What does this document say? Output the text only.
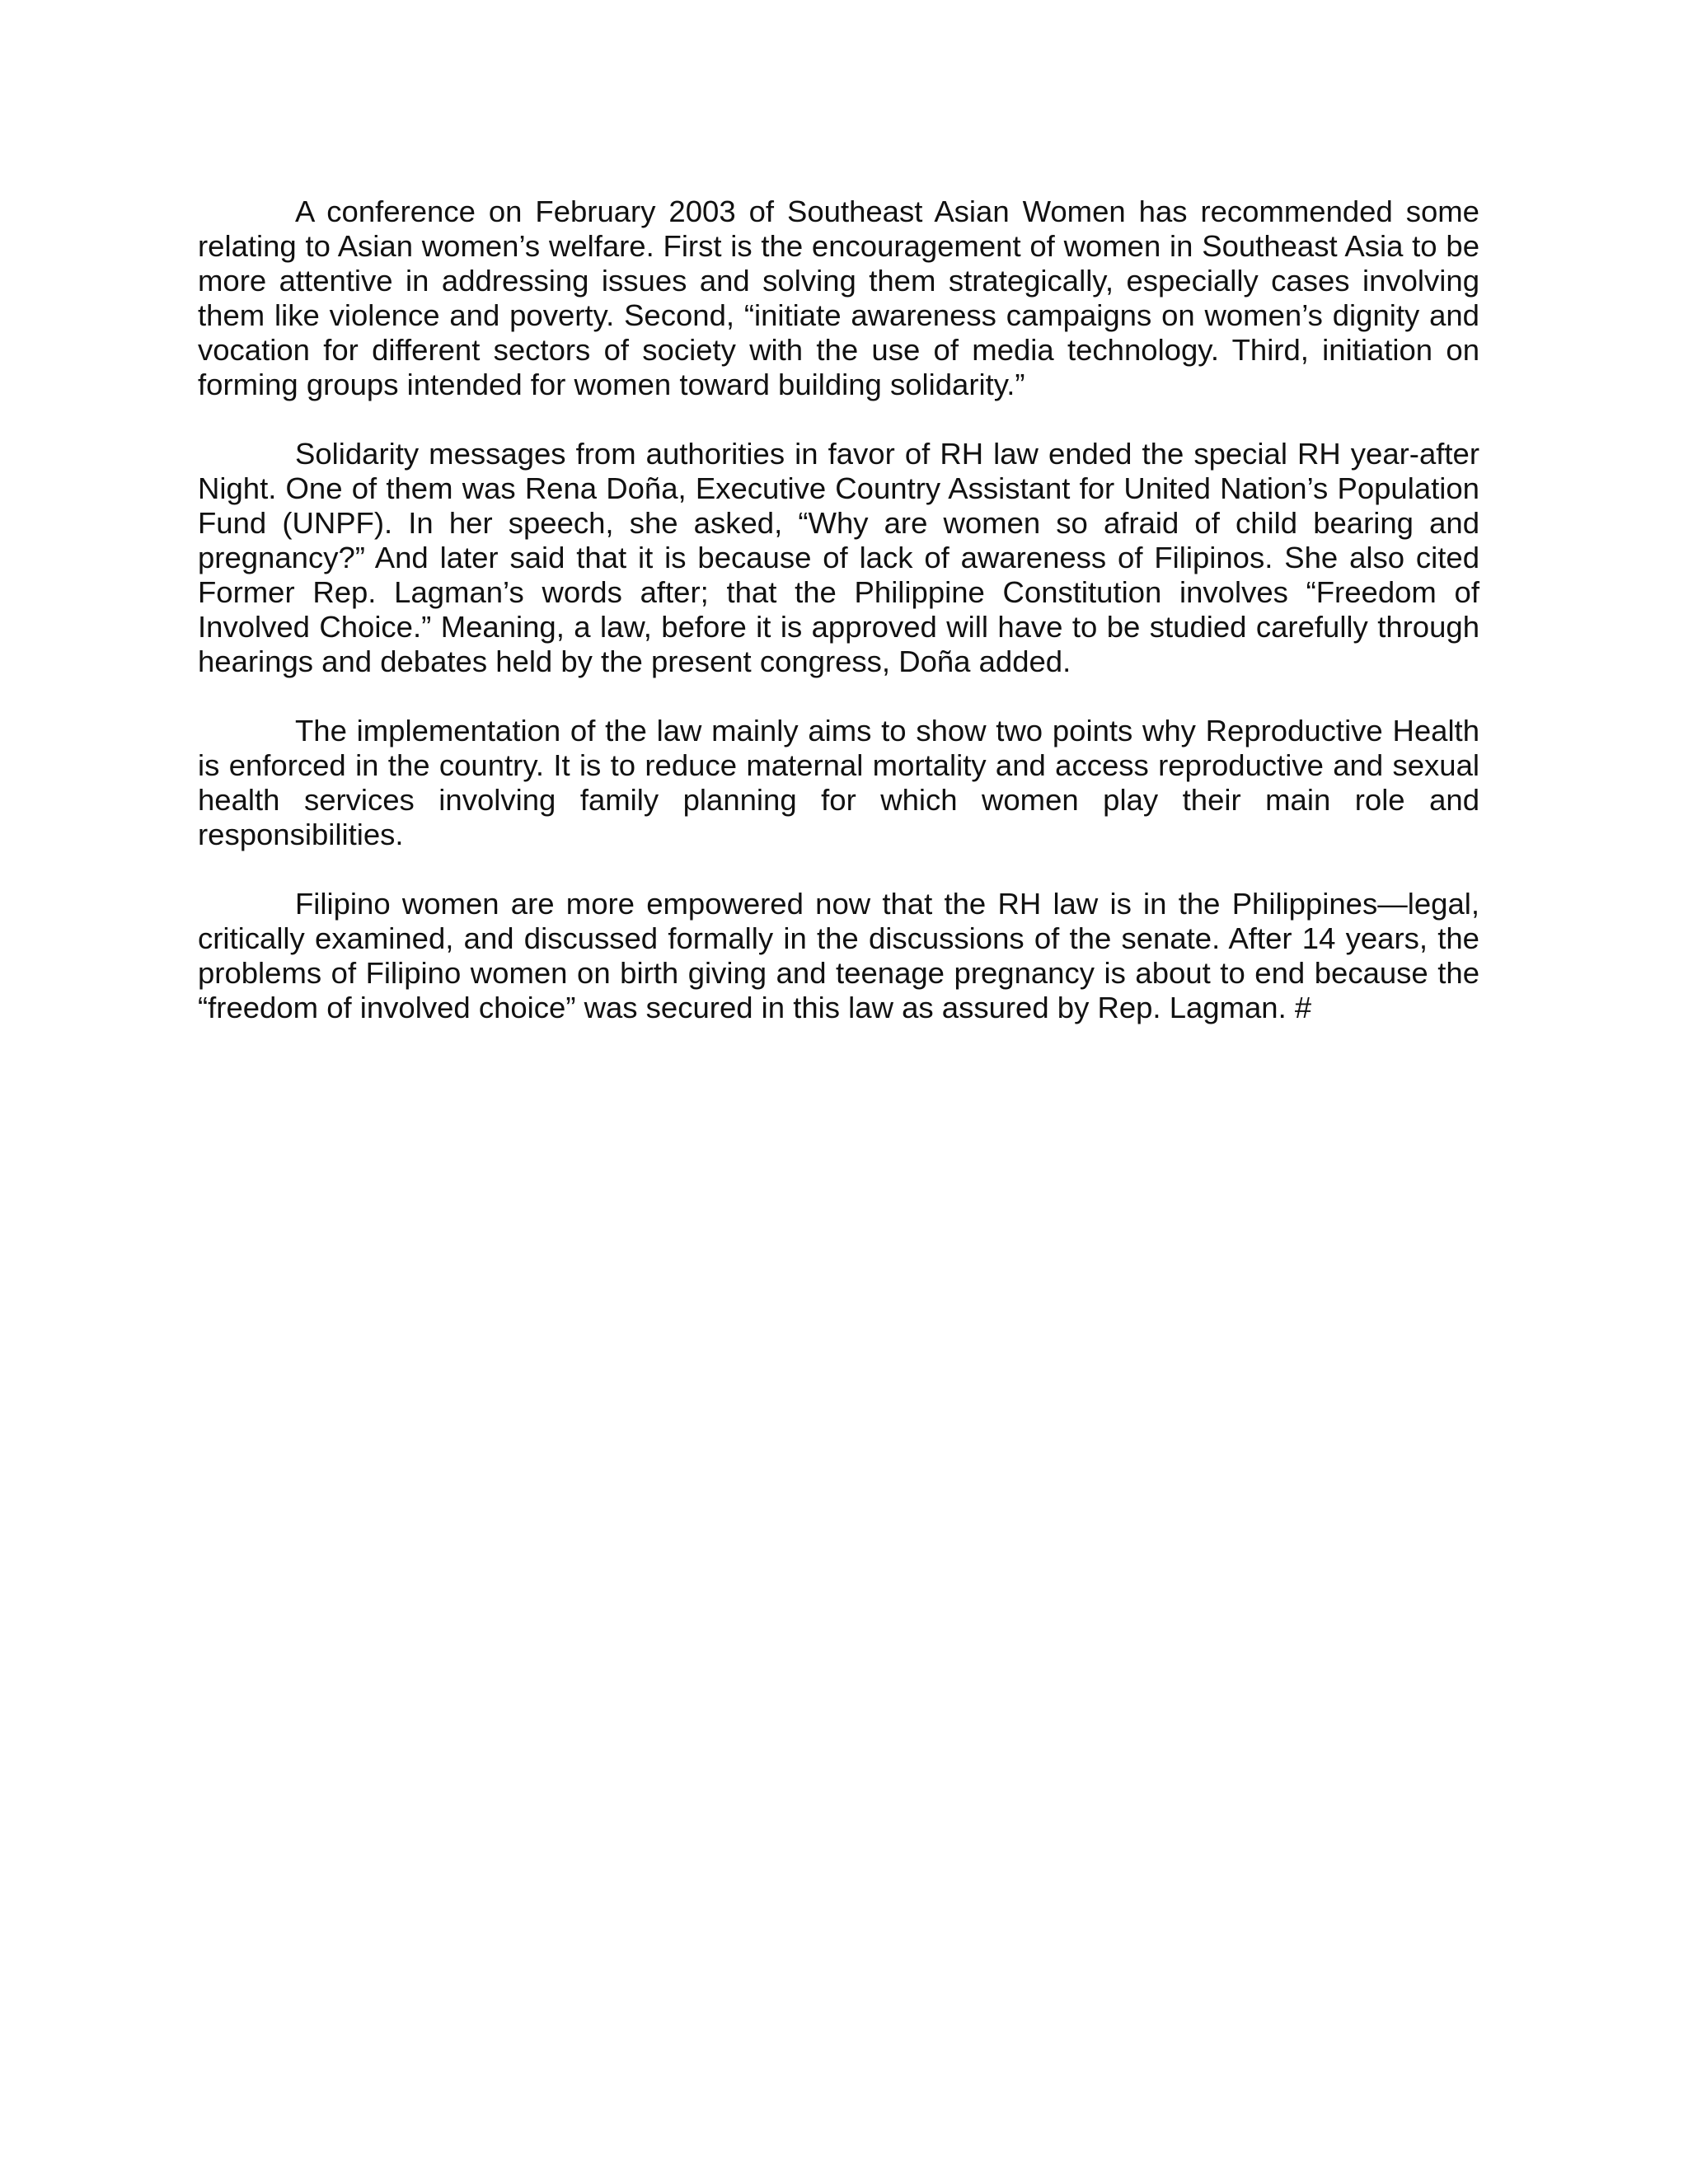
A conference on February 2003 of Southeast Asian Women has recommended some relating to Asian women’s welfare. First is the encouragement of women in Southeast Asia to be more attentive in addressing issues and solving them strategically, especially cases involving them like violence and poverty. Second, “initiate awareness campaigns on women’s dignity and vocation for different sectors of society with the use of media technology. Third, initiation on forming groups intended for women toward building solidarity.”

Solidarity messages from authorities in favor of RH law ended the special RH year-after Night. One of them was Rena Doña, Executive Country Assistant for United Nation’s Population Fund (UNPF). In her speech, she asked, “Why are women so afraid of child bearing and pregnancy?” And later said that it is because of lack of awareness of Filipinos. She also cited Former Rep. Lagman’s words after; that the Philippine Constitution involves “Freedom of Involved Choice.” Meaning, a law, before it is approved will have to be studied carefully through hearings and debates held by the present congress, Doña added.

The implementation of the law mainly aims to show two points why Reproductive Health is enforced in the country. It is to reduce maternal mortality and access reproductive and sexual health services involving family planning for which women play their main role and responsibilities.

Filipino women are more empowered now that the RH law is in the Philippines—legal, critically examined, and discussed formally in the discussions of the senate. After 14 years, the problems of Filipino women on birth giving and teenage pregnancy is about to end because the “freedom of involved choice” was secured in this law as assured by Rep. Lagman. #
